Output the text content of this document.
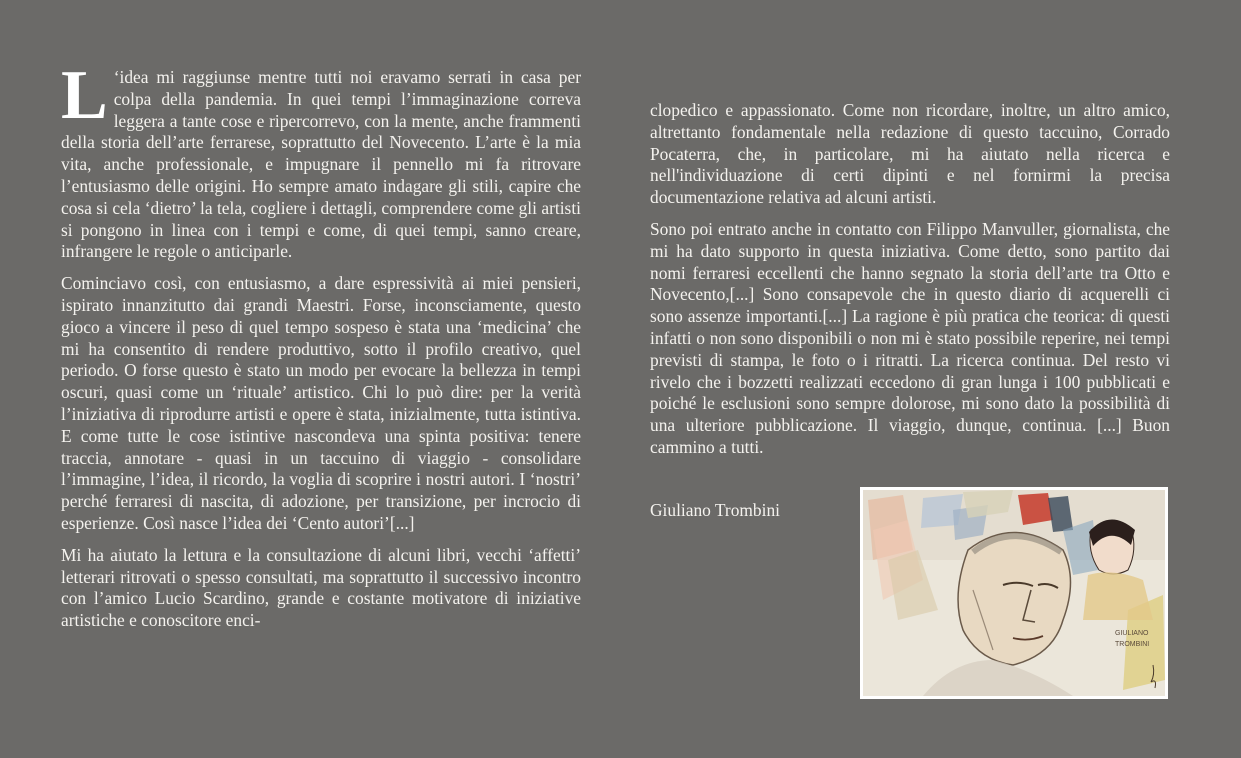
L ‘idea mi raggiunse mentre tutti noi eravamo serrati in casa per colpa della pandemia. In quei tempi l’immaginazione correva leggera a tante cose e ripercorrevo, con la mente, anche frammenti della storia dell’arte ferrarese, soprattutto del Novecento. L’arte è la mia vita, anche professionale, e impugnare il pennello mi fa ritrovare l’entusiasmo delle origini. Ho sempre amato indagare gli stili, capire che cosa si cela ‘dietro’ la tela, cogliere i dettagli, comprendere come gli artisti si pongono in linea con i tempi e come, di quei tempi, sanno creare, infrangere le regole o anticiparle.

Cominciavo così, con entusiasmo, a dare espressività ai miei pensieri, ispirato innanzitutto dai grandi Maestri. Forse, inconsciamente, questo gioco a vincere il peso di quel tempo sospeso è stata una ‘medicina’ che mi ha consentito di rendere produttivo, sotto il profilo creativo, quel periodo. O forse questo è stato un modo per evocare la bellezza in tempi oscuri, quasi come un ‘rituale’ artistico. Chi lo può dire: per la verità l’iniziativa di riprodurre artisti e opere è stata, inizialmente, tutta istintiva. E come tutte le cose istintive nascondeva una spinta positiva: tenere traccia, annotare - quasi in un taccuino di viaggio - consolidare l’immagine, l’idea, il ricordo, la voglia di scoprire i nostri autori. I ‘nostri’ perché ferraresi di nascita, di adozione, per transizione, per incrocio di esperienze. Così nasce l’idea dei ‘Cento autori’[...]

Mi ha aiutato la lettura e la consultazione di alcuni libri, vecchi ‘affetti’ letterari ritrovati o spesso consultati, ma soprattutto il successivo incontro con l’amico Lucio Scardino, grande e costante motivatore di iniziative artistiche e conoscitore enci-

clopedico e appassionato. Come non ricordare, inoltre, un altro amico, altrettanto fondamentale nella redazione di questo taccuino, Corrado Pocaterra, che, in particolare, mi ha aiutato nella ricerca e nell'individuazione di certi dipinti e nel fornirmi la precisa documentazione relativa ad alcuni artisti.

Sono poi entrato anche in contatto con Filippo Manvuller, giornalista, che mi ha dato supporto in questa iniziativa. Come detto, sono partito dai nomi ferraresi eccellenti che hanno segnato la storia dell’arte tra Otto e Novecento,[...] Sono consapevole che in questo diario di acquerelli ci sono assenze importanti.[...] La ragione è più pratica che teorica: di questi infatti o non sono disponibili o non mi è stato possibile reperire, nei tempi previsti di stampa, le foto o i ritratti. La ricerca continua. Del resto vi rivelo che i bozzetti realizzati eccedono di gran lunga i 100 pubblicati e poiché le esclusioni sono sempre dolorose, mi sono dato la possibilità di una ulteriore pubblicazione. Il viaggio, dunque, continua. [...] Buon cammino a tutti.

Giuliano Trombini
GIULIANO
TROMBINI
